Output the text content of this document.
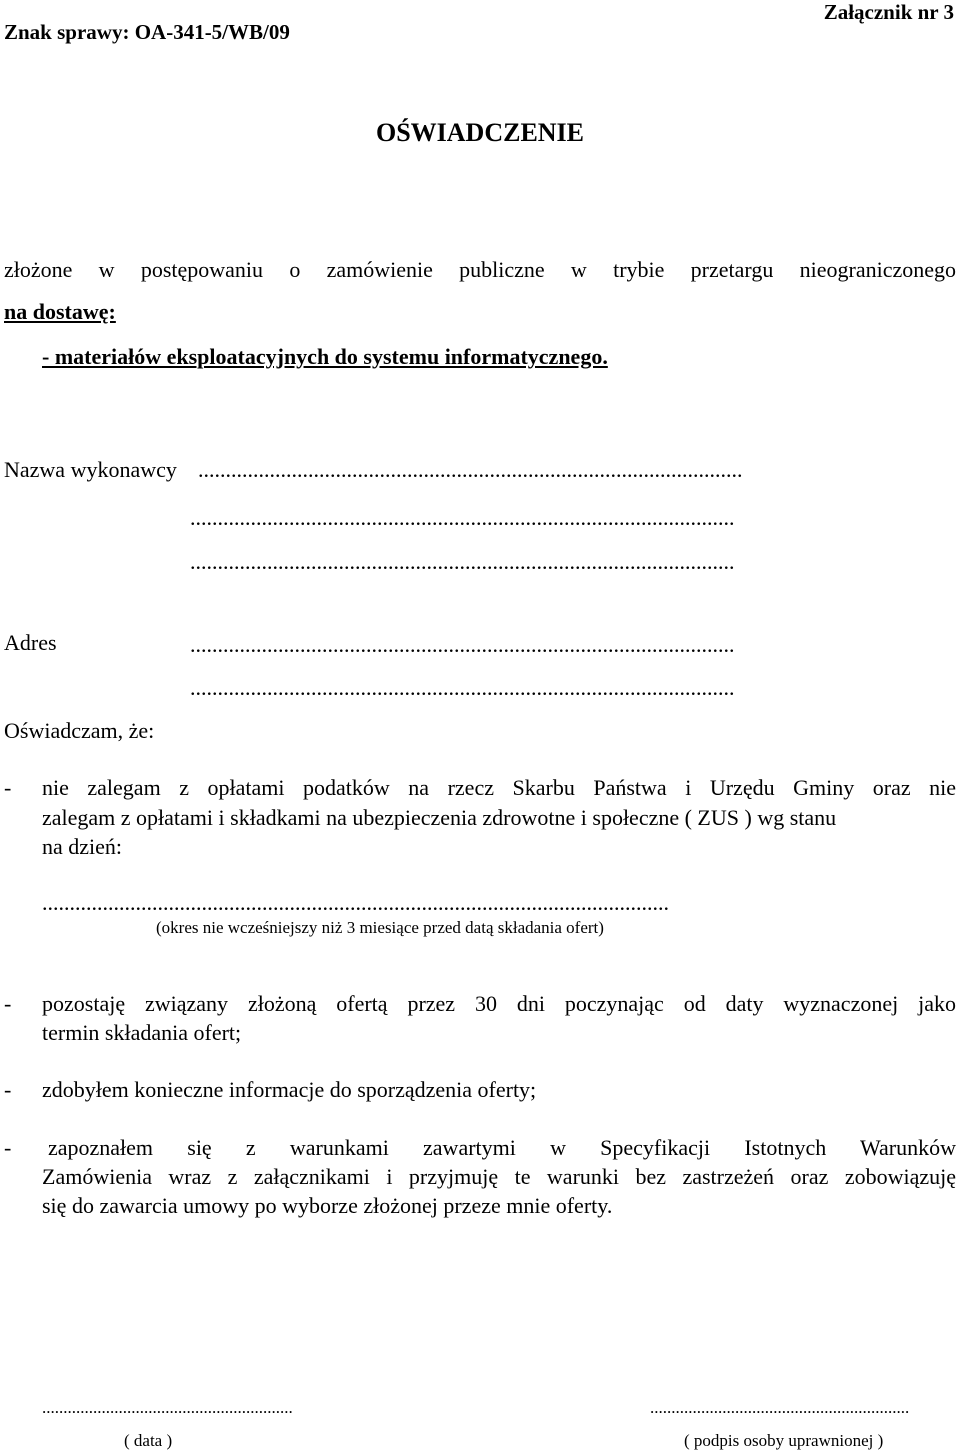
Znak sprawy: OA-341-5/WB/09
Załącznik nr 3
OŚWIADCZENIE
złożone w postępowaniu o zamówienie publiczne w trybie przetargu nieograniczonego
na dostawę:
- materiałów eksploatacyjnych do systemu informatycznego.
Nazwa wykonawcy ...................................................................................................
...................................................................................................
...................................................................................................
Adres	...................................................................................................
...................................................................................................
Oświadczam, że:
- nie zalegam z opłatami podatków na rzecz Skarbu Państwa i Urzędu Gminy oraz nie
zalegam z opłatami i składkami na ubezpieczenia zdrowotne i społeczne ( ZUS ) wg stanu
na dzień:
..................................................................................................................
(okres nie wcześniejszy niż 3 miesiące przed datą składania ofert)
- pozostaję związany złożoną ofertą przez 30 dni poczynając od daty wyznaczonej jako
termin składania ofert;
- zdobyłem konieczne informacje do sporządzenia oferty;
- zapoznałem się z warunkami zawartymi w Specyfikacji Istotnych Warunków
Zamówienia wraz z załącznikami i przyjmuję te warunki bez zastrzeżeń oraz zobowiązuję
się do zawarcia umowy po wyborze złożonej przeze mnie oferty.
...........................................................
( data )
.............................................................
( podpis osoby uprawnionej )
